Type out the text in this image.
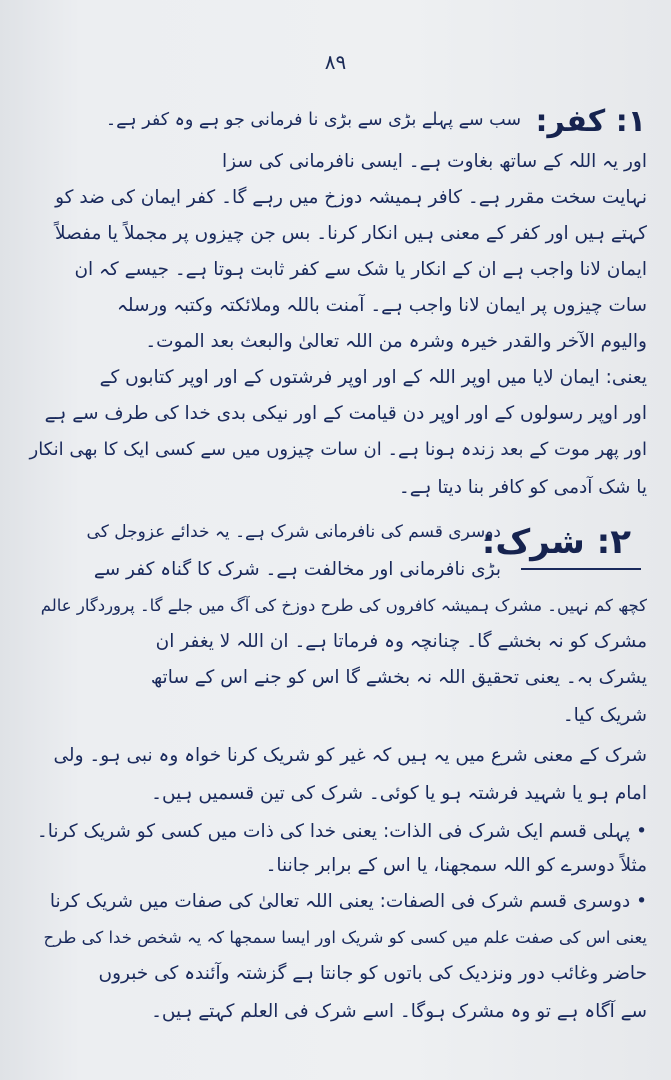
۸۹
۱: کفر:
سب سے پہلے بڑی سے بڑی نا فرمانی جو ہے وہ کفر ہے۔
اور یہ اللہ کے ساتھ بغاوت ہے۔ ایسی نافرمانی کی سزا
نہایت سخت مقرر ہے۔ کافر ہمیشہ دوزخ میں رہے گا۔ کفر ایمان کی ضد کو
کہتے ہیں اور کفر کے معنی ہیں انکار کرنا۔ بس جن چیزوں پر مجملاً یا مفصلاً
ایمان لانا واجب ہے ان کے انکار یا شک سے کفر ثابت ہوتا ہے۔ جیسے کہ ان
سات چیزوں پر ایمان لانا واجب ہے۔ آمنت باللہ وملائکتہ وکتبہ ورسلہ
والیوم الآخر والقدر خیرہ وشرہ من اللہ تعالیٰ والبعث بعد الموت۔
یعنی: ایمان لایا میں اوپر اللہ کے اور اوپر فرشتوں کے اور اوپر کتابوں کے
اور اوپر رسولوں کے اور اوپر دن قیامت کے اور نیکی بدی خدا کی طرف سے ہے
اور پھر موت کے بعد زندہ ہونا ہے۔ ان سات چیزوں میں سے کسی ایک کا بھی انکار
یا شک آدمی کو کافر بنا دیتا ہے۔
۲: شرک:
دوسری قسم کی نافرمانی شرک ہے۔ یہ خدائے عزوجل کی
بڑی نافرمانی اور مخالفت ہے۔ شرک کا گناہ کفر سے
کچھ کم نہیں۔ مشرک ہمیشہ کافروں کی طرح دوزخ کی آگ میں جلے گا۔ پروردگار عالم
مشرک کو نہ بخشے گا۔ چنانچہ وہ فرماتا ہے۔ ان اللہ لا یغفر ان
یشرک بہ۔ یعنی تحقیق اللہ نہ بخشے گا اس کو جنے اس کے ساتھ
شریک کیا۔
شرک کے معنی شرع میں یہ ہیں کہ غیر کو شریک کرنا خواہ وہ نبی ہو۔ ولی
امام ہو یا شہید فرشتہ ہو یا کوئی۔ شرک کی تین قسمیں ہیں۔
• پہلی قسم ایک شرک فی الذات: یعنی خدا کی ذات میں کسی کو شریک کرنا۔
مثلاً دوسرے کو اللہ سمجھنا، یا اس کے برابر جاننا۔
• دوسری قسم شرک فی الصفات: یعنی اللہ تعالیٰ کی صفات میں شریک کرنا
یعنی اس کی صفت علم میں کسی کو شریک اور ایسا سمجھا کہ یہ شخص خدا کی طرح
حاضر وغائب دور ونزدیک کی باتوں کو جانتا ہے گزشتہ وآئندہ کی خبروں
سے آگاہ ہے تو وہ مشرک ہوگا۔ اسے شرک فی العلم کہتے ہیں۔
